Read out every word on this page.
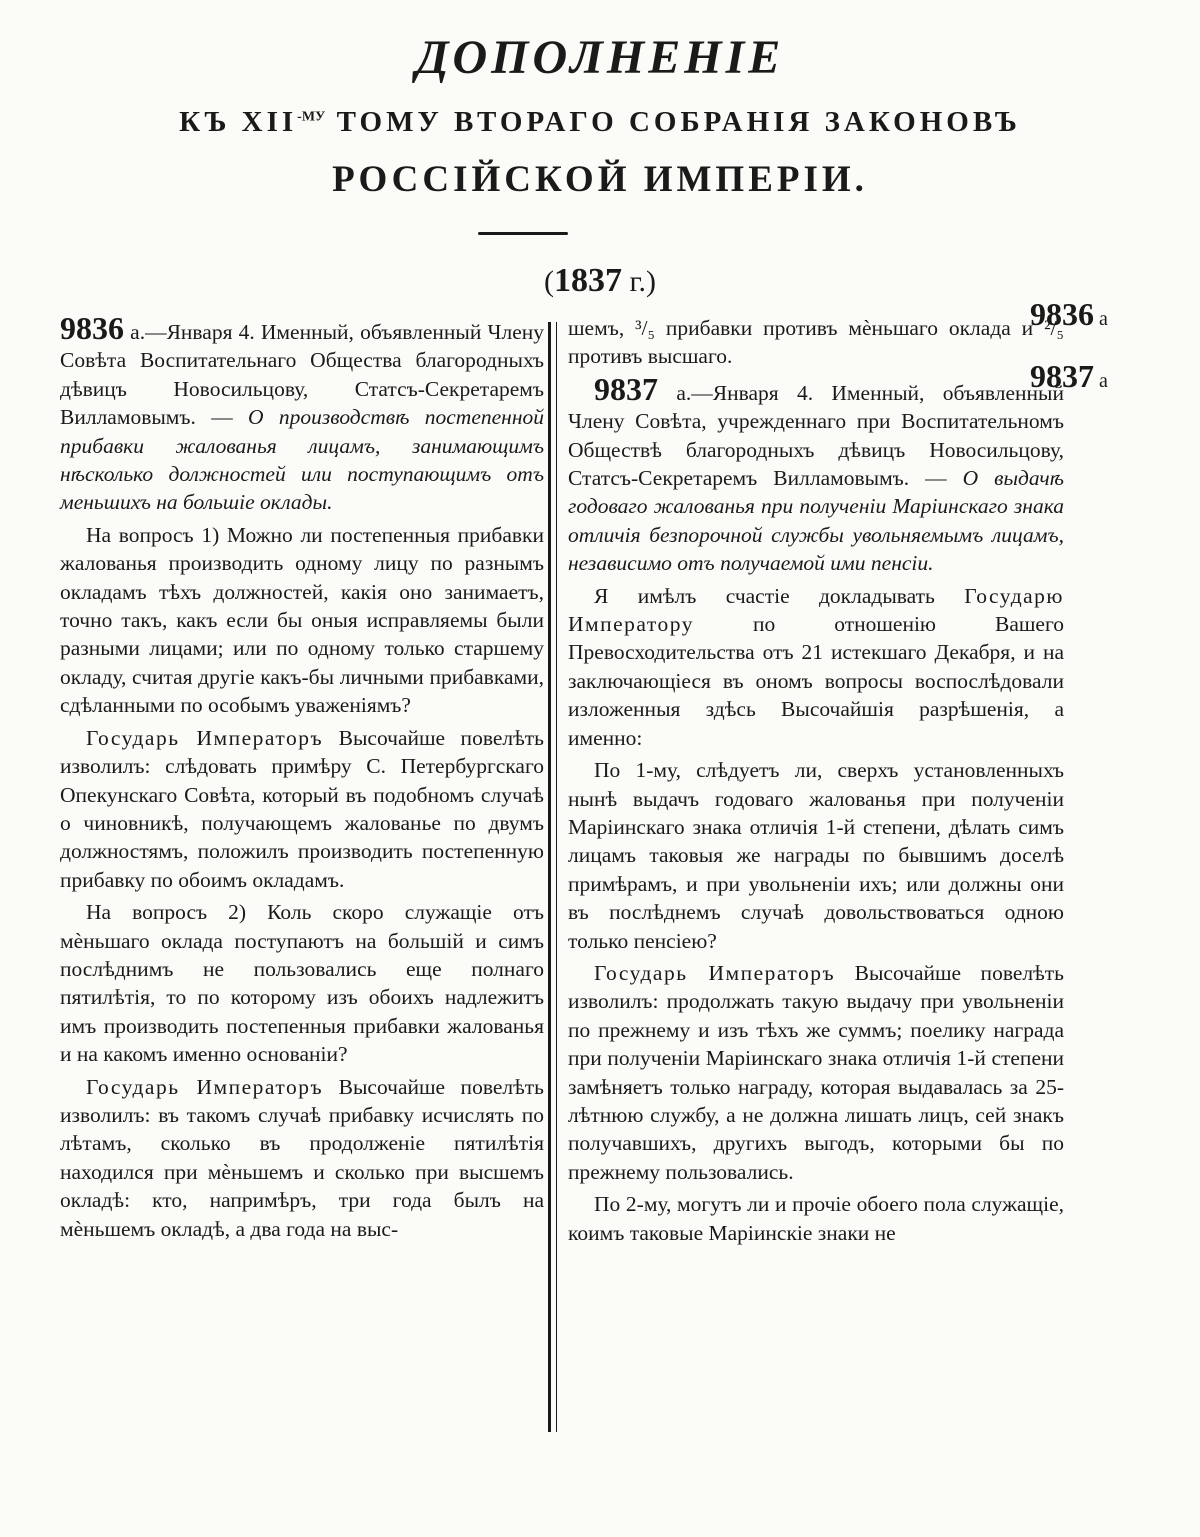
ДОПОЛНЕНІЕ
КЪ $XII^{-МУ}$ ТОМУ ВТОРАГО СОБРАНІЯ ЗАКОНОВЪ
РОССІЙСКОЙ ИМПЕРІИ.
(1837 г.)

9836 а.—Января 4. Именный, объявленный Члену Совѣта Воспитательнаго Общества благородныхъ дѣвицъ Новосильцову, Статсъ-Секретаремъ Вилламовымъ. — О производствѣ постепенной прибавки жалованья лицамъ, занимающимъ нѣсколько должностей или поступающимъ отъ меньшихъ на большіе оклады.

На вопросъ 1) Можно ли постепенныя прибавки жалованья производить одному лицу по разнымъ окладамъ тѣхъ должностей, какія оно занимаетъ, точно такъ, какъ если бы оныя исправляемы были разными лицами; или по одному только старшему окладу, считая другіе какъ-бы личными прибавками, сдѣланными по особымъ уваженіямъ?

Государь Императоръ Высочайше повелѣть изволилъ: слѣдовать примѣру С. Петербургскаго Опекунскаго Совѣта, который въ подобномъ случаѣ о чиновникѣ, получающемъ жалованье по двумъ должностямъ, положилъ производить постепенную прибавку по обоимъ окладамъ.

На вопросъ 2) Коль скоро служащіе отъ мѐньшаго оклада поступаютъ на большій и симъ послѣднимъ не пользовались еще полнаго пятилѣтія, то по которому изъ обоихъ надлежитъ имъ производить постепенныя прибавки жалованья и на какомъ именно основаніи?

Государь Императоръ Высочайше повелѣть изволилъ: въ такомъ случаѣ прибавку исчислять по лѣтамъ, сколько въ продолженіе пятилѣтія находился при мѐньшемъ и сколько при высшемъ окладѣ: кто, напримѣръ, три года былъ на мѐньшемъ окладѣ, а два года на выс-

шемъ, ³/₅ прибавки противъ мѐньшаго оклада и ²/₅ противъ высшаго.

9837 а.—Января 4. Именный, объявленный Члену Совѣта, учрежденнаго при Воспитательномъ Обществѣ благородныхъ дѣвицъ Новосильцову, Статсъ-Секретаремъ Вилламовымъ. — О выдачѣ годоваго жалованья при полученіи Маріинскаго знака отличія безпорочной службы увольняемымъ лицамъ, независимо отъ получаемой ими пенсіи.

Я имѣлъ счастіе докладывать Государю Императору по отношенію Вашего Превосходительства отъ 21 истекшаго Декабря, и на заключающіеся въ ономъ вопросы воспослѣдовали изложенныя здѣсь Высочайшія разрѣшенія, а именно:

По 1-му, слѣдуетъ ли, сверхъ установленныхъ нынѣ выдачъ годоваго жалованья при полученіи Маріинскаго знака отличія 1-й степени, дѣлать симъ лицамъ таковыя же награды по бывшимъ доселѣ примѣрамъ, и при увольненіи ихъ; или должны они въ послѣднемъ случаѣ довольствоваться одною только пенсіею?

Государь Императоръ Высочайше повелѣть изволилъ: продолжать такую выдачу при увольненіи по прежнему и изъ тѣхъ же суммъ; поелику награда при полученіи Маріинскаго знака отличія 1-й степени замѣняетъ только награду, которая выдавалась за 25-лѣтнюю службу, а не должна лишать лицъ, сей знакъ получавшихъ, другихъ выгодъ, которыми бы по прежнему пользовались.

По 2-му, могутъ ли и прочіе обоего пола служащіе, коимъ таковые Маріинскіе знаки не

9836 а
9837 а
